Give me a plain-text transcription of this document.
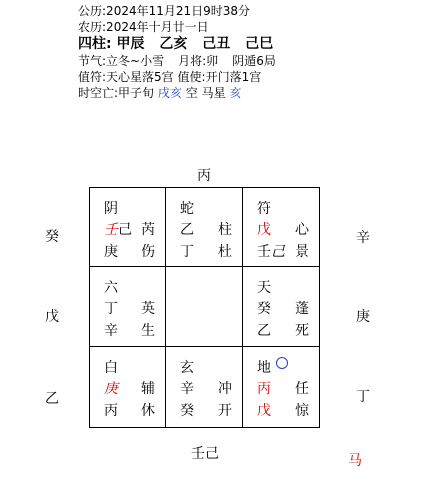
公历:2024年11月21日9时38分
农历:2024年十月廿一日
四柱: 甲辰 乙亥 己丑 己巳
节气:立冬~小雪 月将:卯 阴遁6局
值符:天心星落5宫 值使:开门落1宫
时空亡:甲子旬 戌亥 空 马星 亥
丙
壬己
癸
戊
乙
辛
庚
丁
马
阴
壬己 芮
庚 伤
蛇
乙 柱
丁 杜
符
戊 心
壬己 景
六
丁 英
辛 生
天
癸 蓬
乙 死
白
庚 辅
丙 休
玄
辛 冲
癸 开
地
丙 任
戊 惊
